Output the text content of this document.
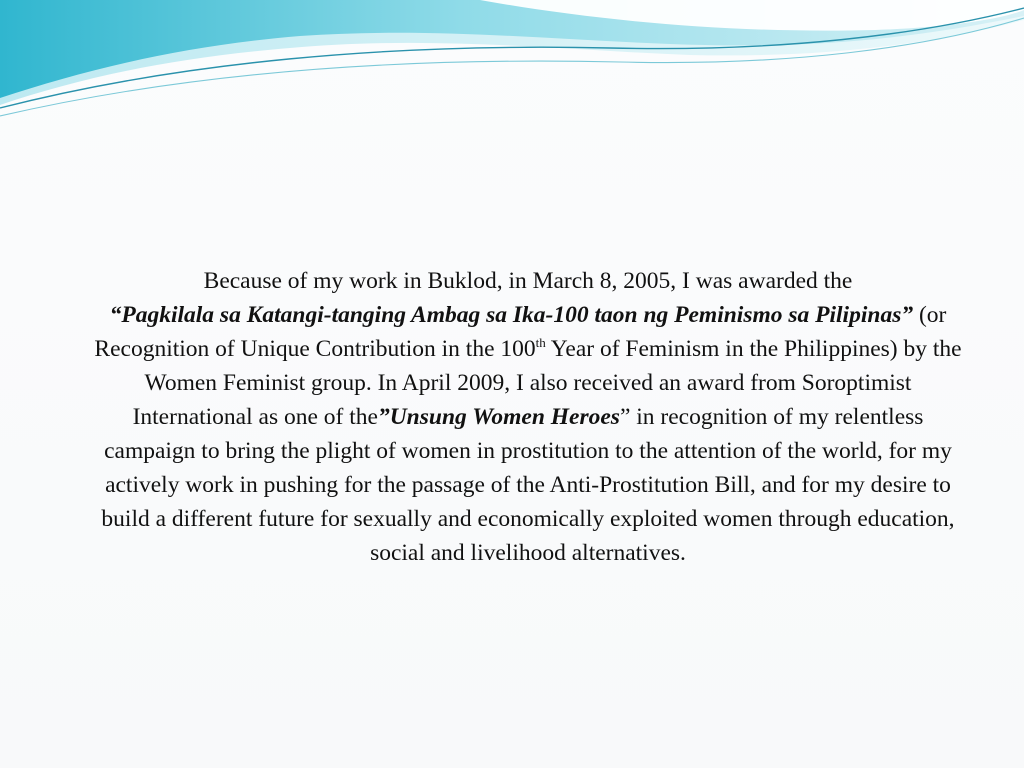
Because of my work in Buklod, in March 8, 2005, I was awarded the
“Pagkilala sa Katangi-tanging Ambag sa Ika-100 taon ng Peminismo sa Pilipinas” (or Recognition of Unique Contribution in the 100th Year of Feminism in the Philippines) by the Women Feminist group. In April 2009, I also received an award from Soroptimist International as one of the”Unsung Women Heroes” in recognition of my relentless campaign to bring the plight of women in prostitution to the attention of the world, for my actively work in pushing for the passage of the Anti-Prostitution Bill, and for my desire to build a different future for sexually and economically exploited women through education, social and livelihood alternatives.
